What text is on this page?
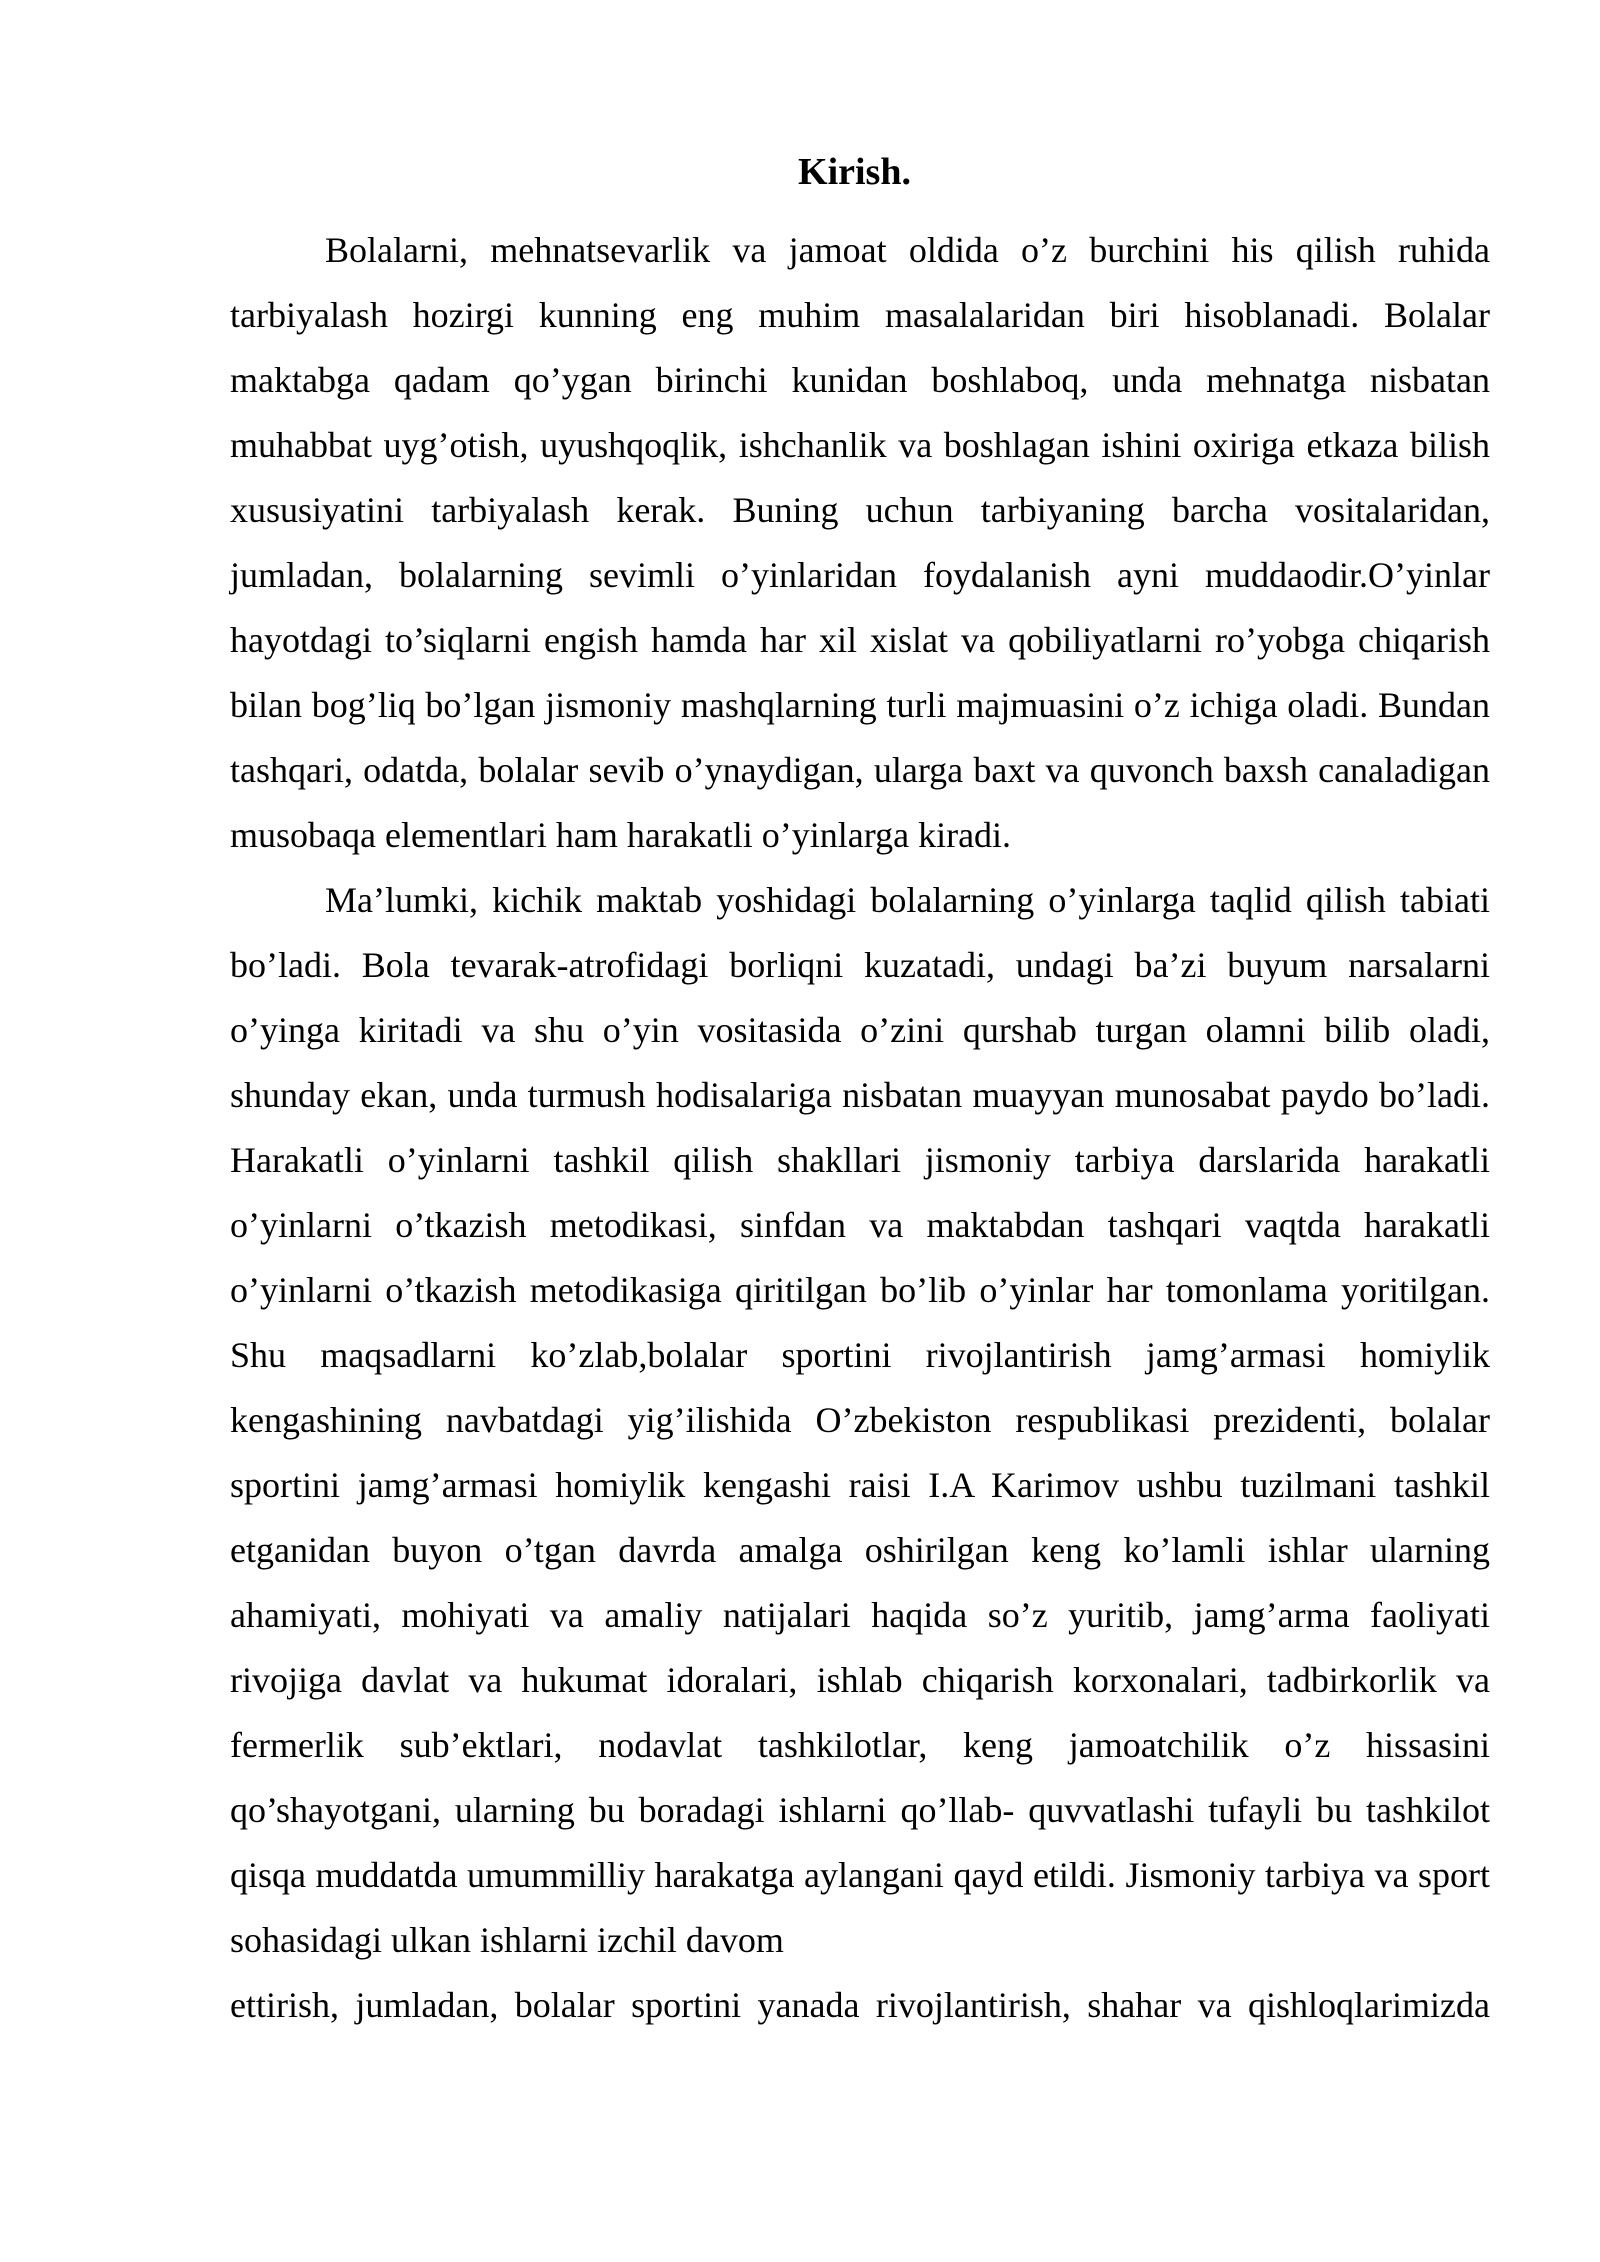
Kirish.

Bolalarni, mehnatsevarlik va jamoat oldida o’z burchini his qilish ruhida tarbiyalash hozirgi kunning eng muhim masalalaridan biri hisoblanadi. Bolalar maktabga qadam qo’ygan birinchi kunidan boshlaboq, unda mehnatga nisbatan muhabbat uyg’otish, uyushqoqlik, ishchanlik va boshlagan ishini oxiriga etkaza bilish xususiyatini tarbiyalash kerak. Buning uchun tarbiyaning barcha vositalaridan, jumladan, bolalarning sevimli o’yinlaridan foydalanish ayni muddaodir.O’yinlar hayotdagi to’siqlarni engish hamda har xil xislat va qobiliyatlarni ro’yobga chiqarish bilan bog’liq bo’lgan jismoniy mashqlarning turli majmuasini o’z ichiga oladi. Bundan tashqari, odatda, bolalar sevib o’ynaydigan, ularga baxt va quvonch baxsh canaladigan musobaqa elementlari ham harakatli o’yinlarga kiradi.

Ma’lumki, kichik maktab yoshidagi bolalarning o’yinlarga taqlid qilish tabiati bo’ladi. Bola tevarak-atrofidagi borliqni kuzatadi, undagi ba’zi buyum narsalarni o’yinga kiritadi va shu o’yin vositasida o’zini qurshab turgan olamni bilib oladi, shunday ekan, unda turmush hodisalariga nisbatan muayyan munosabat paydo bo’ladi. Harakatli o’yinlarni tashkil qilish shakllari jismoniy tarbiya darslarida harakatli o’yinlarni o’tkazish metodikasi, sinfdan va maktabdan tashqari vaqtda harakatli o’yinlarni o’tkazish metodikasiga qiritilgan bo’lib o’yinlar har tomonlama yoritilgan. Shu maqsadlarni ko’zlab,bolalar sportini rivojlantirish jamg’armasi homiylik kengashining navbatdagi yig’ilishida O’zbekiston respublikasi prezidenti, bolalar sportini jamg’armasi homiylik kengashi raisi I.A Karimov ushbu tuzilmani tashkil etganidan buyon o’tgan davrda amalga oshirilgan keng ko’lamli ishlar ularning ahamiyati, mohiyati va amaliy natijalari haqida so’z yuritib, jamg’arma faoliyati rivojiga davlat va hukumat idoralari, ishlab chiqarish korxonalari, tadbirkorlik va fermerlik sub’ektlari, nodavlat tashkilotlar, keng jamoatchilik o’z hissasini qo’shayotgani, ularning bu boradagi ishlarni qo’llab- quvvatlashi tufayli bu tashkilot qisqa muddatda umummilliy harakatga aylangani qayd etildi. Jismoniy tarbiya va sport sohasidagi ulkan ishlarni izchil davom

ettirish, jumladan, bolalar sportini yanada rivojlantirish, shahar va qishloqlarimizda
